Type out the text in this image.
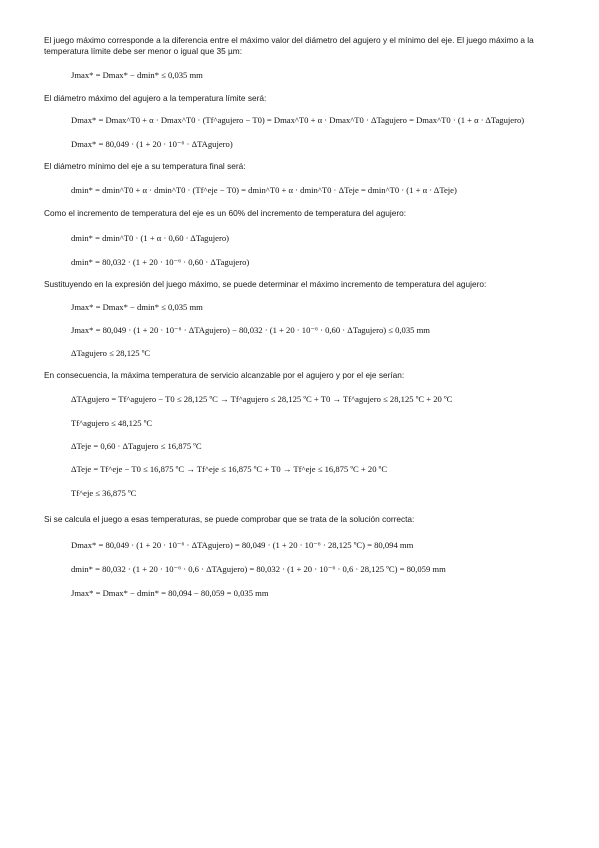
El juego máximo corresponde a la diferencia entre el máximo valor del diámetro del agujero y el mínimo del eje. El juego máximo a la temperatura límite debe ser menor o igual que 35 µm:
Jmax* = Dmax* − dmin* ≤ 0,035 mm
El diámetro máximo del agujero a la temperatura límite será:
Dmax* = Dmax^T0 + α · Dmax^T0 · (Tf^agujero − T0) = Dmax^T0 + α · Dmax^T0 · ΔTagujero = Dmax^T0 · (1 + α · ΔTagujero)
Dmax* = 80,049 · (1 + 20 · 10⁻⁶ · ΔTAgujero)
El diámetro mínimo del eje a su temperatura final será:
dmin* = dmin^T0 + α · dmin^T0 · (Tf^eje − T0) = dmin^T0 + α · dmin^T0 · ΔTeje = dmin^T0 · (1 + α · ΔTeje)
Como el incremento de temperatura del eje es un 60% del incremento de temperatura del agujero:
dmin* = dmin^T0 · (1 + α · 0,60 · ΔTagujero)
dmin* = 80,032 · (1 + 20 · 10⁻⁶ · 0,60 · ΔTagujero)
Sustituyendo en la expresión del juego máximo, se puede determinar el máximo incremento de temperatura del agujero:
Jmax* = Dmax* − dmin* ≤ 0,035 mm
Jmax* = 80,049 · (1 + 20 · 10⁻⁶ · ΔTAgujero) − 80,032 · (1 + 20 · 10⁻⁶ · 0,60 · ΔTagujero) ≤ 0,035 mm
ΔTagujero ≤ 28,125 ºC
En consecuencia, la máxima temperatura de servicio alcanzable por el agujero y por el eje serían:
ΔTAgujero = Tf^agujero − T0 ≤ 28,125 ºC → Tf^agujero ≤ 28,125 ºC + T0 → Tf^agujero ≤ 28,125 ºC + 20 ºC
Tf^agujero ≤ 48,125 ºC
ΔTeje = 0,60 · ΔTagujero ≤ 16,875 ºC
ΔTeje = Tf^eje − T0 ≤ 16,875 ºC → Tf^eje ≤ 16,875 ºC + T0 → Tf^eje ≤ 16,875 ºC + 20 ºC
Tf^eje ≤ 36,875 ºC
Si se calcula el juego a esas temperaturas, se puede comprobar que se trata de la solución correcta:
Dmax* = 80,049 · (1 + 20 · 10⁻⁶ · ΔTAgujero) = 80,049 · (1 + 20 · 10⁻⁶ · 28,125 ºC) = 80,094 mm
dmin* = 80,032 · (1 + 20 · 10⁻⁶ · 0,6 · ΔTAgujero) = 80,032 · (1 + 20 · 10⁻⁶ · 0,6 · 28,125 ºC) = 80,059 mm
Jmax* = Dmax* − dmin* = 80,094 − 80,059 = 0,035 mm
